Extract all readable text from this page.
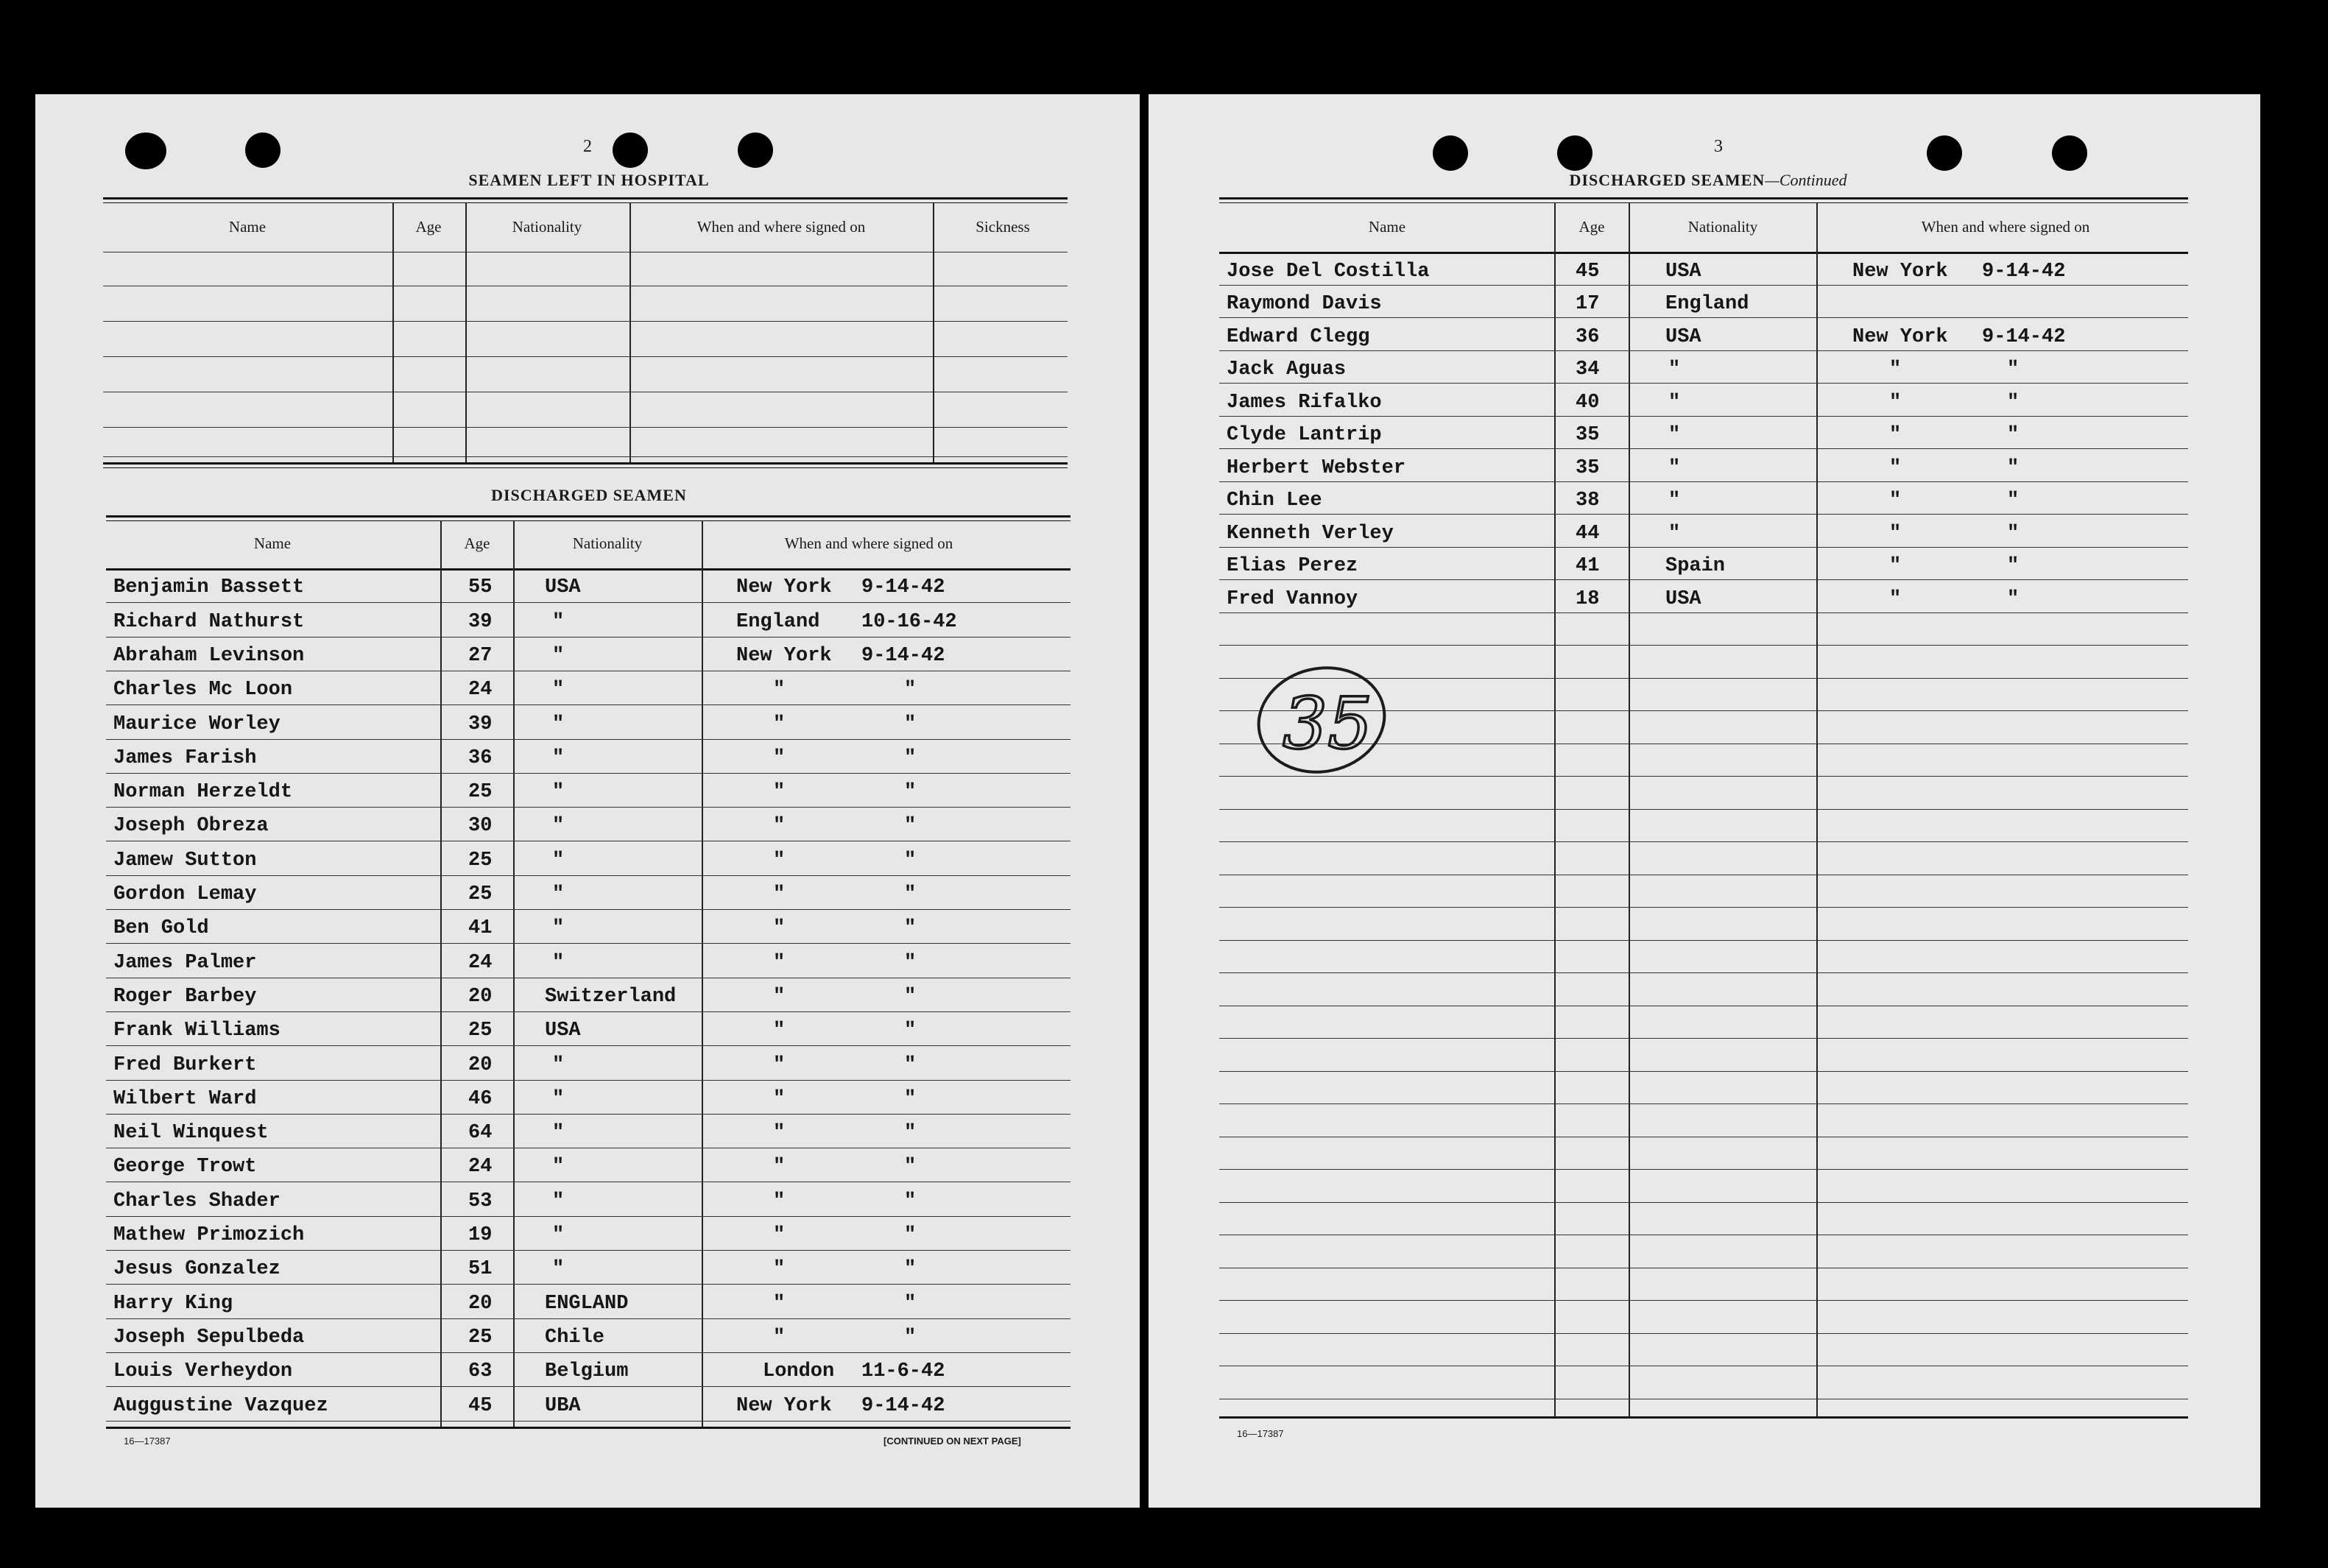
2
SEAMEN LEFT IN HOSPITAL
Name	Age	Nationality	When and where signed on	Sickness
DISCHARGED SEAMEN
Name	Age	Nationality	When and where signed on
Benjamin Bassett	55	USA	New York 9-14-42
Richard Nathurst	39	"	England 10-16-42
Abraham Levinson	27	"	New York 9-14-42
Charles Mc Loon	24	"	"	"
Maurice Worley	39	"	"	"
James Farish	36	"	"	"
Norman Herzeldt	25	"	"	"
Joseph Obreza	30	"	"	"
Jamew Sutton	25	"	"	"
Gordon Lemay	25	"	"	"
Ben Gold	41	"	"	"
James Palmer	24	"	"	"
Roger Barbey	20	Switzerland	"	"
Frank Williams	25	USA	"	"
Fred Burkert	20	"	"	"
Wilbert Ward	46	"	"	"
Neil Winquest	64	"	"	"
George Trowt	24	"	"	"
Charles Shader	53	"	"	"
Mathew Primozich	19	"	"	"
Jesus Gonzalez	51	"	"	"
Harry King	20	ENGLAND	"	"
Joseph Sepulbeda	25	Chile	"	"
Louis Verheydon	63	Belgium	London 11-6-42
Auggustine Vazquez	45	UBA	New York 9-14-42
16—17387	[CONTINUED ON NEXT PAGE]
3
DISCHARGED SEAMEN—Continued
Name	Age	Nationality	When and where signed on
Jose Del Costilla	45	USA	New York 9-14-42
Raymond Davis	17	England
Edward Clegg	36	USA	New York 9-14-42
Jack Aguas	34	"	"	"
James Rifalko	40	"	"	"
Clyde Lantrip	35	"	"	"
Herbert Webster	35	"	"	"
Chin Lee	38	"	"	"
Kenneth Verley	44	"	"	"
Elias Perez	41	Spain	"	"
Fred Vannoy	18	USA	"	"
16—17387
35
